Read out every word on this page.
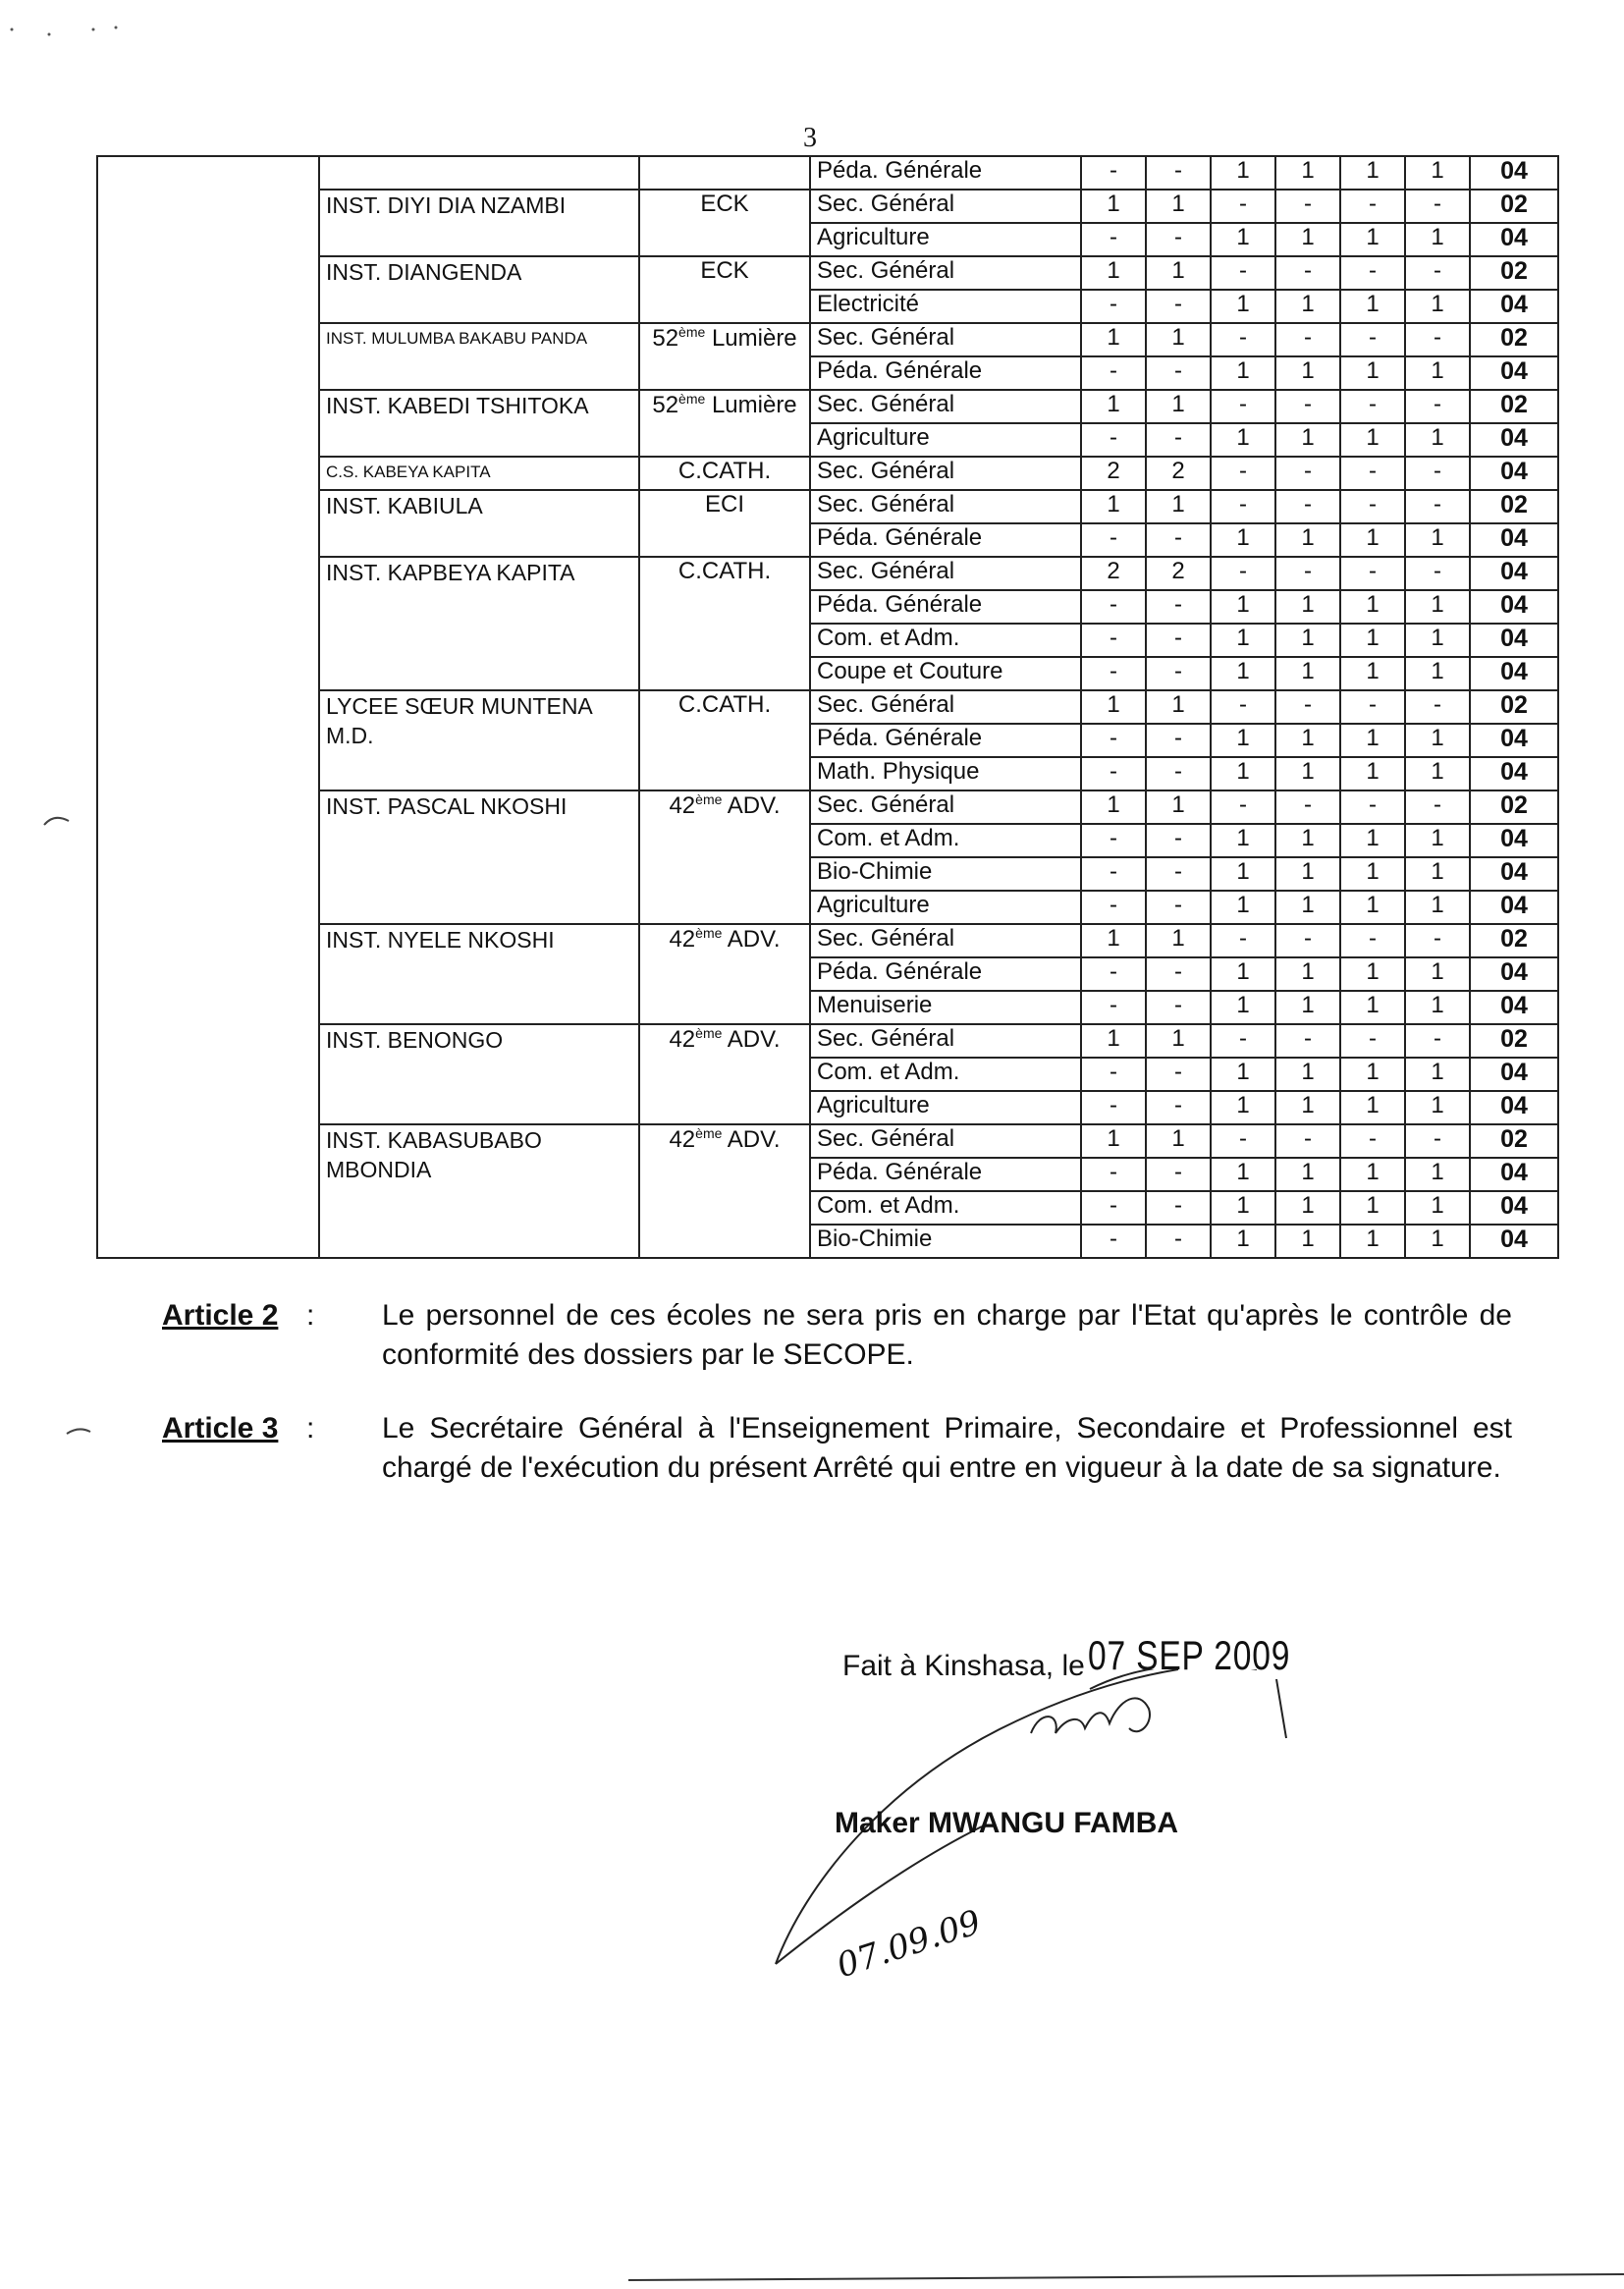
3
			Péda. Générale	-	-	1	1	1	1	04
	INST. DIYI DIA NZAMBI	ECK	Sec. Général	1	1	-	-	-	-	02
			Agriculture	-	-	1	1	1	1	04
	INST. DIANGENDA	ECK	Sec. Général	1	1	-	-	-	-	02
			Electricité	-	-	1	1	1	1	04
	INST. MULUMBA BAKABU PANDA	52ème Lumière	Sec. Général	1	1	-	-	-	-	02
			Péda. Générale	-	-	1	1	1	1	04
	INST. KABEDI TSHITOKA	52ème Lumière	Sec. Général	1	1	-	-	-	-	02
			Agriculture	-	-	1	1	1	1	04
	C.S. KABEYA KAPITA	C.CATH.	Sec. Général	2	2	-	-	-	-	04
	INST. KABIULA	ECI	Sec. Général	1	1	-	-	-	-	02
			Péda. Générale	-	-	1	1	1	1	04
	INST. KAPBEYA KAPITA	C.CATH.	Sec. Général	2	2	-	-	-	-	04
			Péda. Générale	-	-	1	1	1	1	04
			Com. et Adm.	-	-	1	1	1	1	04
			Coupe et Couture	-	-	1	1	1	1	04
	LYCEE SŒUR MUNTENA M.D.	C.CATH.	Sec. Général	1	1	-	-	-	-	02
			Péda. Générale	-	-	1	1	1	1	04
			Math. Physique	-	-	1	1	1	1	04
	INST. PASCAL NKOSHI	42ème ADV.	Sec. Général	1	1	-	-	-	-	02
			Com. et Adm.	-	-	1	1	1	1	04
			Bio-Chimie	-	-	1	1	1	1	04
			Agriculture	-	-	1	1	1	1	04
	INST. NYELE NKOSHI	42ème ADV.	Sec. Général	1	1	-	-	-	-	02
			Péda. Générale	-	-	1	1	1	1	04
			Menuiserie	-	-	1	1	1	1	04
	INST. BENONGO	42ème ADV.	Sec. Général	1	1	-	-	-	-	02
			Com. et Adm.	-	-	1	1	1	1	04
			Agriculture	-	-	1	1	1	1	04
	INST. KABASUBABO MBONDIA	42ème ADV.	Sec. Général	1	1	-	-	-	-	02
			Péda. Générale	-	-	1	1	1	1	04
			Com. et Adm.	-	-	1	1	1	1	04
			Bio-Chimie	-	-	1	1	1	1	04
Article 2 : Le personnel de ces écoles ne sera pris en charge par l'Etat qu'après le contrôle de conformité des dossiers par le SECOPE.
Article 3 : Le Secrétaire Général à l'Enseignement Primaire, Secondaire et Professionnel est chargé de l'exécution du présent Arrêté qui entre en vigueur à la date de sa signature.
Fait à Kinshasa, le 07 SEP 2009
Maker MWANGU FAMBA
07.09.09
